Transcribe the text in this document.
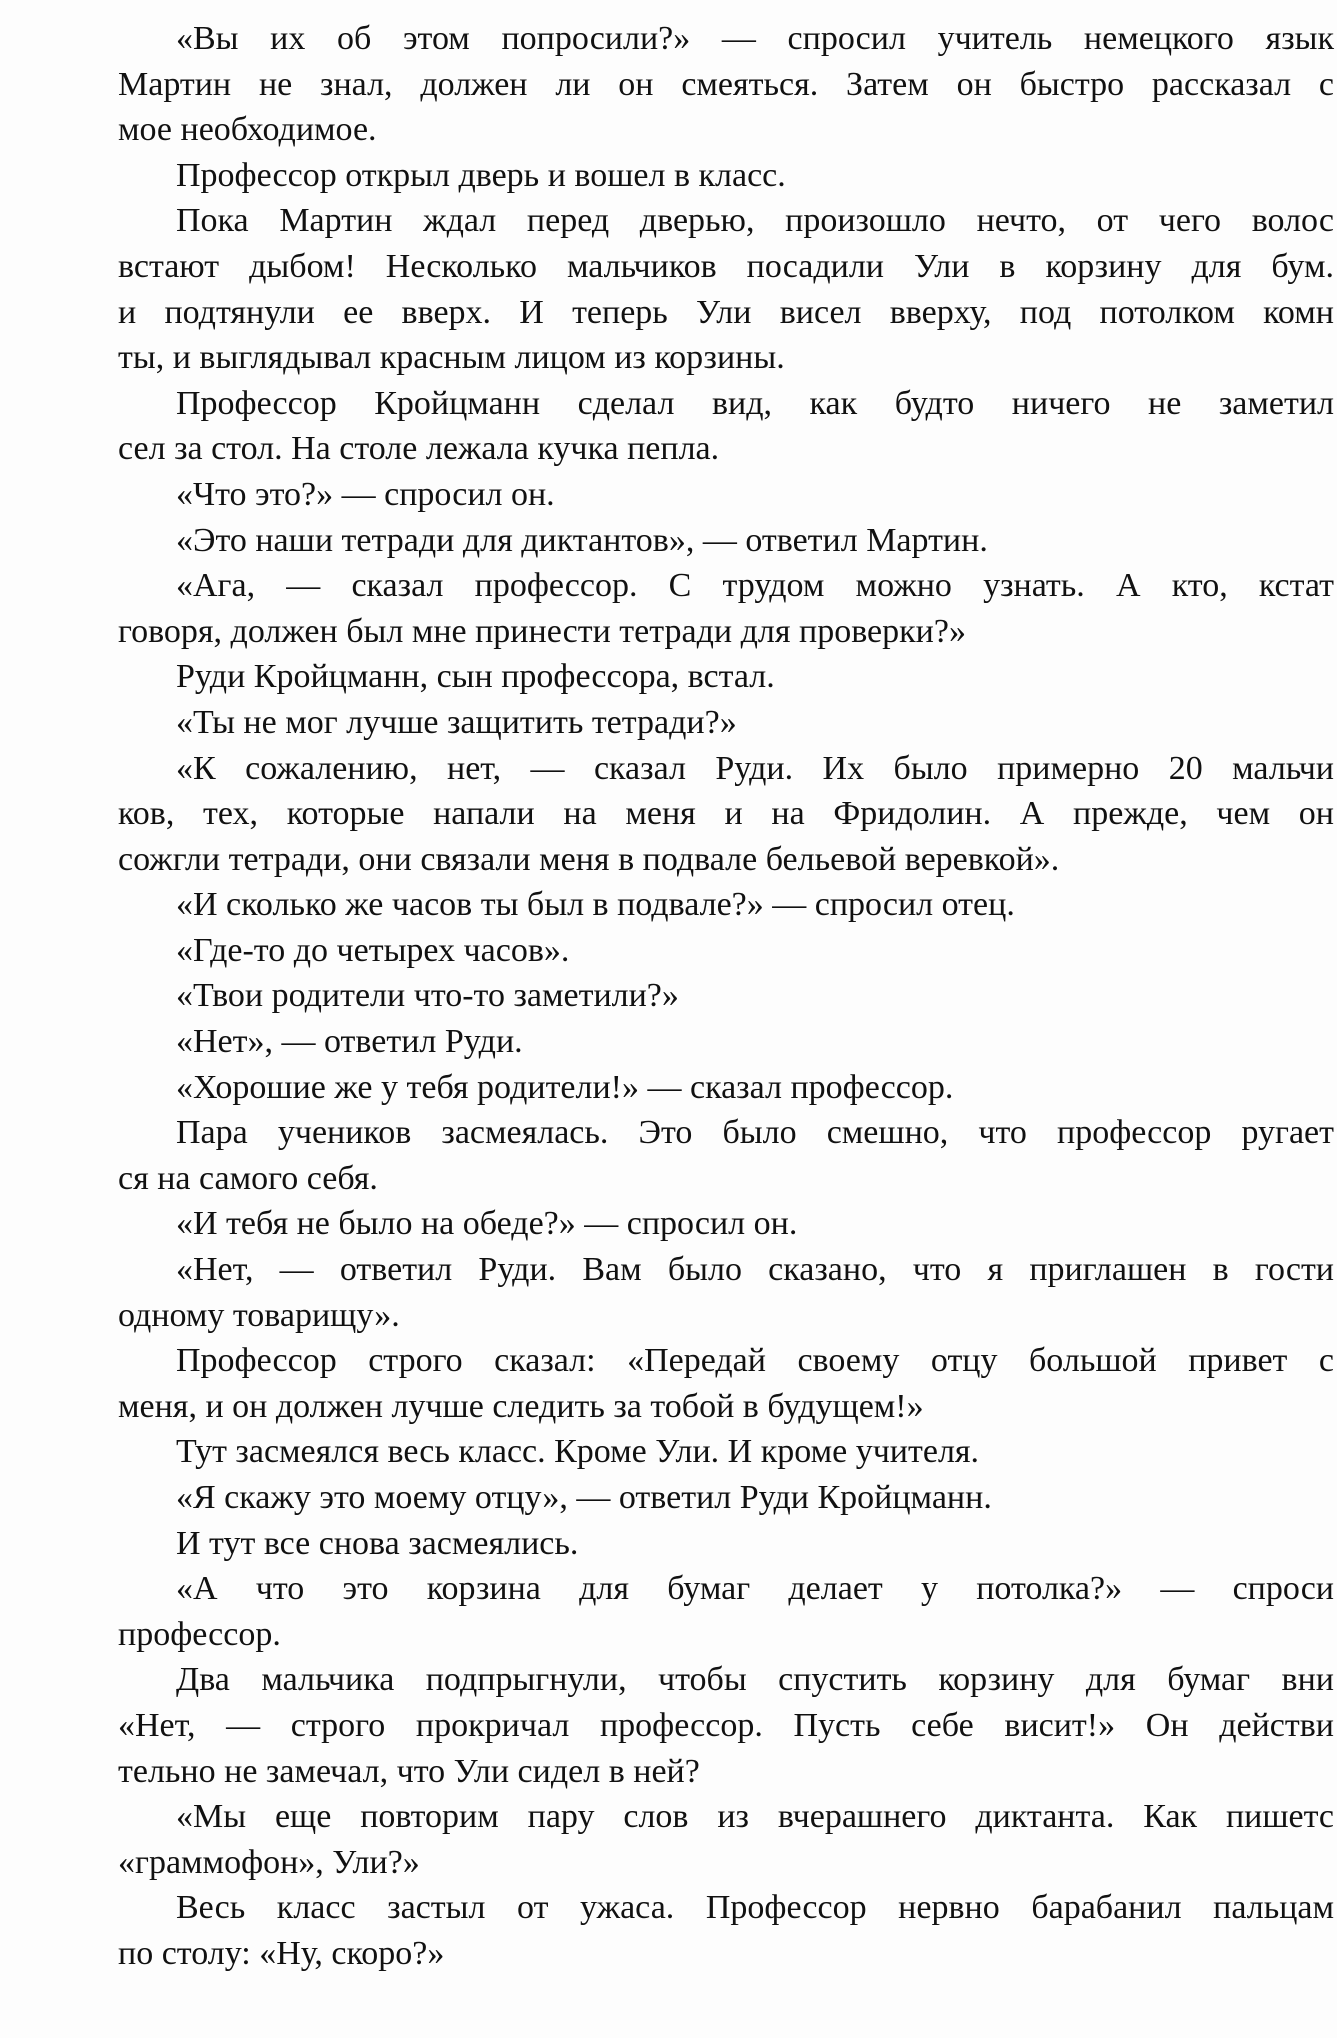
«Вы их об этом попросили?» — спросил учитель немецкого язык
Мартин не знал, должен ли он смеяться. Затем он быстро рассказал с
мое необходимое.
Профессор открыл дверь и вошел в класс.
Пока Мартин ждал перед дверью, произошло нечто, от чего волос
встают дыбом! Несколько мальчиков посадили Ули в корзину для бум.
и подтянули ее вверх. И теперь Ули висел вверху, под потолком комн
ты, и выглядывал красным лицом из корзины.
Профессор Кройцманн сделал вид, как будто ничего не заметил
сел за стол. На столе лежала кучка пепла.
«Что это?» — спросил он.
«Это наши тетради для диктантов», — ответил Мартин.
«Ага, — сказал профессор. С трудом можно узнать. А кто, кстат
говоря, должен был мне принести тетради для проверки?»
Руди Кройцманн, сын профессора, встал.
«Ты не мог лучше защитить тетради?»
«К сожалению, нет, — сказал Руди. Их было примерно 20 мальчи
ков, тех, которые напали на меня и на Фридолин. А прежде, чем он
сожгли тетради, они связали меня в подвале бельевой веревкой».
«И сколько же часов ты был в подвале?» — спросил отец.
«Где-то до четырех часов».
«Твои родители что-то заметили?»
«Нет», — ответил Руди.
«Хорошие же у тебя родители!» — сказал профессор.
Пара учеников засмеялась. Это было смешно, что профессор ругает
ся на самого себя.
«И тебя не было на обеде?» — спросил он.
«Нет, — ответил Руди. Вам было сказано, что я приглашен в гости
одному товарищу».
Профессор строго сказал: «Передай своему отцу большой привет с
меня, и он должен лучше следить за тобой в будущем!»
Тут засмеялся весь класс. Кроме Ули. И кроме учителя.
«Я скажу это моему отцу», — ответил Руди Кройцманн.
И тут все снова засмеялись.
«А что это корзина для бумаг делает у потолка?» — спроси
профессор.
Два мальчика подпрыгнули, чтобы спустить корзину для бумаг вни
«Нет, — строго прокричал профессор. Пусть себе висит!» Он действи
тельно не замечал, что Ули сидел в ней?
«Мы еще повторим пару слов из вчерашнего диктанта. Как пишетс
«граммофон», Ули?»
Весь класс застыл от ужаса. Профессор нервно барабанил пальцам
по столу: «Ну, скоро?»
